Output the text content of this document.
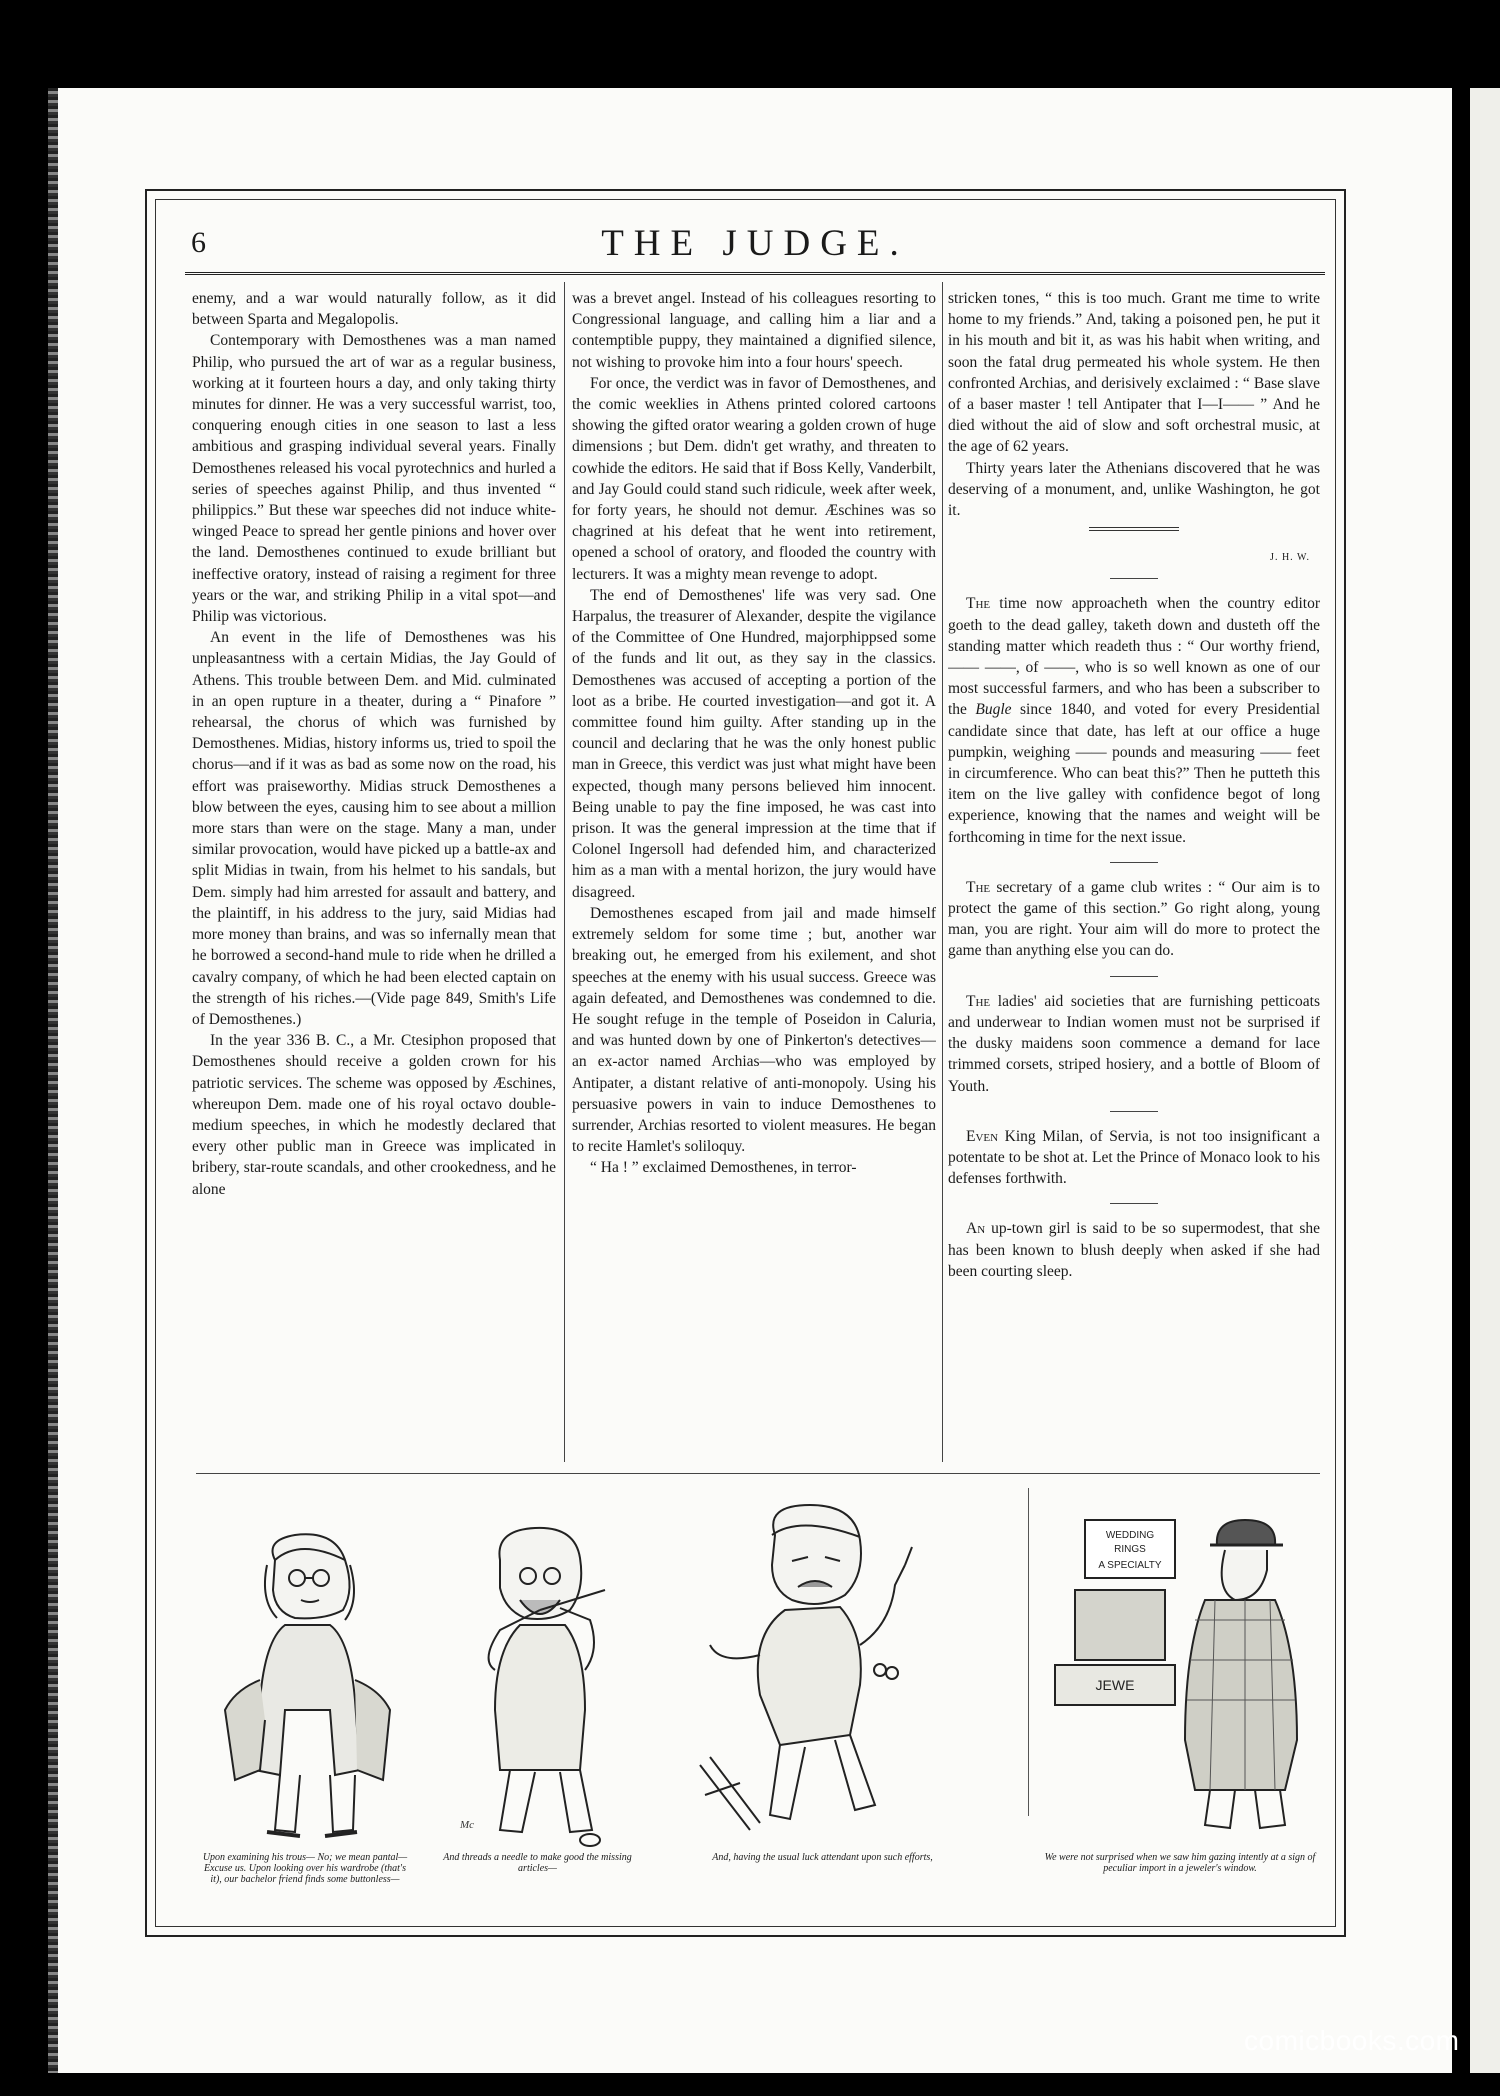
6	THE JUDGE.

enemy, and a war would naturally follow, as it did between Sparta and Megalopolis.

Contemporary with Demosthenes was a man named Philip, who pursued the art of war as a regular business, working at it fourteen hours a day, and only taking thirty minutes for dinner. He was a very successful warrist, too, conquering enough cities in one season to last a less ambitious and grasping individual several years. Finally Demosthenes released his vocal pyrotechnics and hurled a series of speeches against Philip, and thus invented “ philippics.” But these war speeches did not induce white-winged Peace to spread her gentle pinions and hover over the land. Demosthenes continued to exude brilliant but ineffective oratory, instead of raising a regiment for three years or the war, and striking Philip in a vital spot—and Philip was victorious.

An event in the life of Demosthenes was his unpleasantness with a certain Midias, the Jay Gould of Athens. This trouble between Dem. and Mid. culminated in an open rupture in a theater, during a “ Pinafore ” rehearsal, the chorus of which was furnished by Demosthenes. Midias, history informs us, tried to spoil the chorus—and if it was as bad as some now on the road, his effort was praiseworthy. Midias struck Demosthenes a blow between the eyes, causing him to see about a million more stars than were on the stage. Many a man, under similar provocation, would have picked up a battle-ax and split Midias in twain, from his helmet to his sandals, but Dem. simply had him arrested for assault and battery, and the plaintiff, in his address to the jury, said Midias had more money than brains, and was so infernally mean that he borrowed a second-hand mule to ride when he drilled a cavalry company, of which he had been elected captain on the strength of his riches.—(Vide page 849, Smith's Life of Demosthenes.)

In the year 336 B. C., a Mr. Ctesiphon proposed that Demosthenes should receive a golden crown for his patriotic services. The scheme was opposed by Æschines, whereupon Dem. made one of his royal octavo double-medium speeches, in which he modestly declared that every other public man in Greece was implicated in bribery, star-route scandals, and other crookedness, and he alone

was a brevet angel. Instead of his colleagues resorting to Congressional language, and calling him a liar and a contemptible puppy, they maintained a dignified silence, not wishing to provoke him into a four hours' speech.

For once, the verdict was in favor of Demosthenes, and the comic weeklies in Athens printed colored cartoons showing the gifted orator wearing a golden crown of huge dimensions ; but Dem. didn't get wrathy, and threaten to cowhide the editors. He said that if Boss Kelly, Vanderbilt, and Jay Gould could stand such ridicule, week after week, for forty years, he should not demur. Æschines was so chagrined at his defeat that he went into retirement, opened a school of oratory, and flooded the country with lecturers. It was a mighty mean revenge to adopt.

The end of Demosthenes' life was very sad. One Harpalus, the treasurer of Alexander, despite the vigilance of the Committee of One Hundred, majorphippsed some of the funds and lit out, as they say in the classics. Demosthenes was accused of accepting a portion of the loot as a bribe. He courted investigation—and got it. A committee found him guilty. After standing up in the council and declaring that he was the only honest public man in Greece, this verdict was just what might have been expected, though many persons believed him innocent. Being unable to pay the fine imposed, he was cast into prison. It was the general impression at the time that if Colonel Ingersoll had defended him, and characterized him as a man with a mental horizon, the jury would have disagreed.

Demosthenes escaped from jail and made himself extremely seldom for some time ; but, another war breaking out, he emerged from his exilement, and shot speeches at the enemy with his usual success. Greece was again defeated, and Demosthenes was condemned to die. He sought refuge in the temple of Poseidon in Caluria, and was hunted down by one of Pinkerton's detectives—an ex-actor named Archias—who was employed by Antipater, a distant relative of anti-monopoly. Using his persuasive powers in vain to induce Demosthenes to surrender, Archias resorted to violent measures. He began to recite Hamlet's soliloquy.

“ Ha ! ” exclaimed Demosthenes, in terror-

stricken tones, “ this is too much. Grant me time to write home to my friends.” And, taking a poisoned pen, he put it in his mouth and bit it, as was his habit when writing, and soon the fatal drug permeated his whole system. He then confronted Archias, and derisively exclaimed : “ Base slave of a baser master ! tell Antipater that I—I—— ” And he died without the aid of slow and soft orchestral music, at the age of 62 years.

Thirty years later the Athenians discovered that he was deserving of a monument, and, unlike Washington, he got it.

J. H. W.

The time now approacheth when the country editor goeth to the dead galley, taketh down and dusteth off the standing matter which readeth thus : “ Our worthy friend, —— ——, of ——, who is so well known as one of our most successful farmers, and who has been a subscriber to the Bugle since 1840, and voted for every Presidential candidate since that date, has left at our office a huge pumpkin, weighing —— pounds and measuring —— feet in circumference. Who can beat this?” Then he putteth this item on the live galley with confidence begot of long experience, knowing that the names and weight will be forthcoming in time for the next issue.

The secretary of a game club writes : “ Our aim is to protect the game of this section.” Go right along, young man, you are right. Your aim will do more to protect the game than anything else you can do.

The ladies' aid societies that are furnishing petticoats and underwear to Indian women must not be surprised if the dusky maidens soon commence a demand for lace trimmed corsets, striped hosiery, and a bottle of Bloom of Youth.

Even King Milan, of Servia, is not too insignificant a potentate to be shot at. Let the Prince of Monaco look to his defenses forthwith.

An up-town girl is said to be so supermodest, that she has been known to blush deeply when asked if she had been courting sleep.

Upon examining his trous— No; we mean pantal— Excuse us. Upon looking over his wardrobe (that's it), our bachelor friend finds some buttonless—
Mc
And threads a needle to make good the missing articles—
And, having the usual luck attendant upon such efforts,
WEDDING
RINGS
A SPECIALTY
JEWE
We were not surprised when we saw him gazing intently at a sign of peculiar import in a jeweler's window.
comicbooks.com
